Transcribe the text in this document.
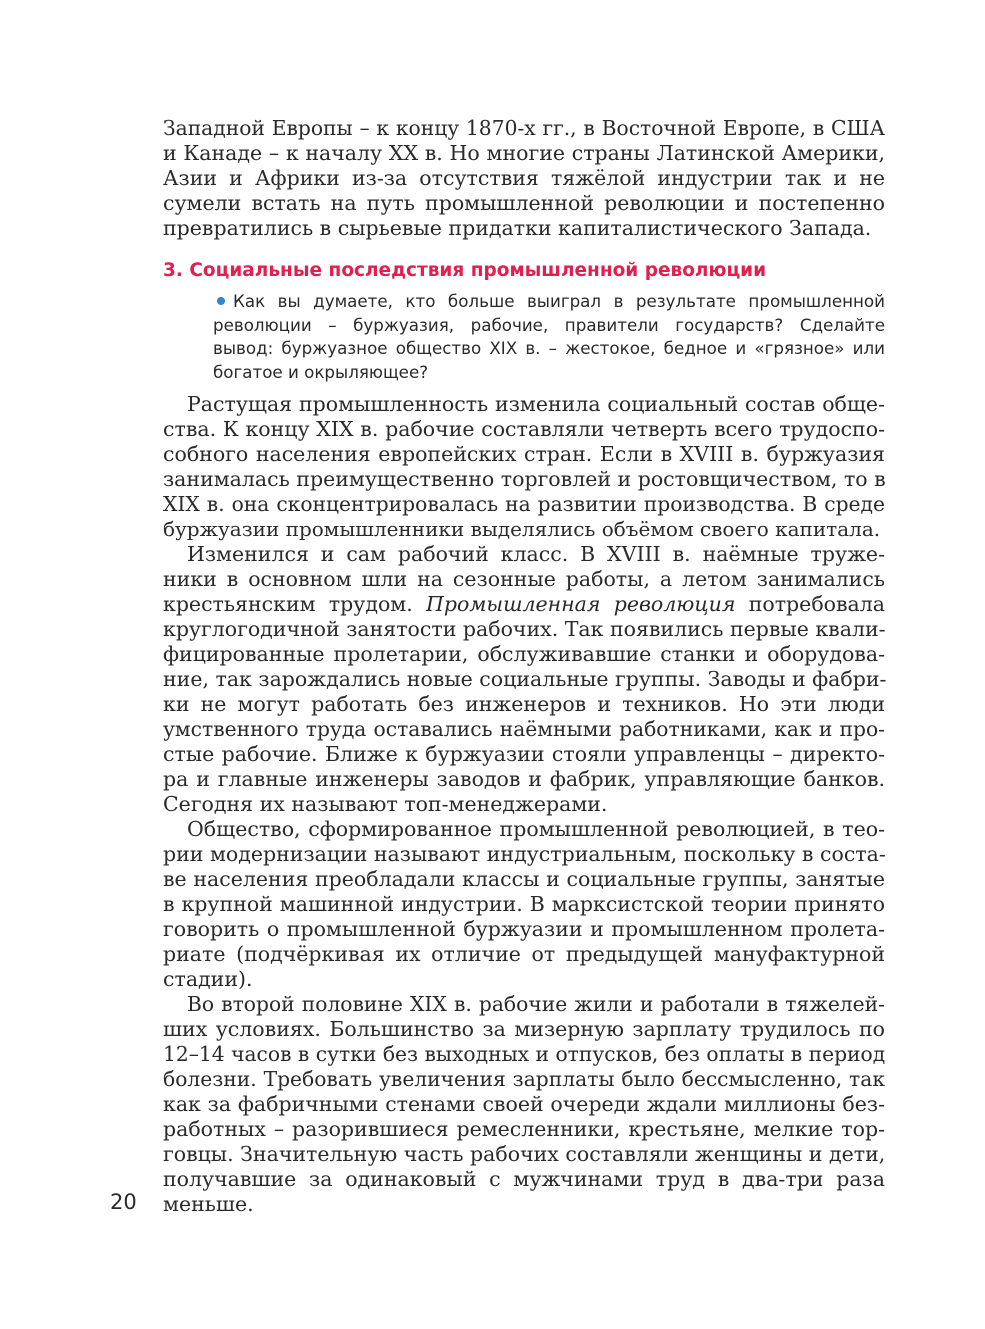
Западной Европы – к концу 1870-х гг., в Восточной Европе, в США
и Канаде – к началу XX в. Но многие страны Латинской Америки,
Азии и Африки из-за отсутствия тяжёлой индустрии так и не
сумели встать на путь промышленной революции и постепенно
превратились в сырьевые придатки капиталистического Запада.
3. Социальные последствия промышленной революции
Как вы думаете, кто больше выиграл в результате промышленной
революции – буржуазия, рабочие, правители государств? Сделайте
вывод: буржуазное общество XIX в. – жестокое, бедное и «грязное» или
богатое и окрыляющее?
Растущая промышленность изменила социальный состав обще-
ства. К концу XIX в. рабочие составляли четверть всего трудоспо-
собного населения европейских стран. Если в XVIII в. буржуазия
занималась преимущественно торговлей и ростовщичеством, то в
XIX в. она сконцентрировалась на развитии производства. В среде
буржуазии промышленники выделялись объёмом своего капитала.
Изменился и сам рабочий класс. В XVIII в. наёмные труже-
ники в основном шли на сезонные работы, а летом занимались
крестьянским трудом. Промышленная революция потребовала
круглогодичной занятости рабочих. Так появились первые квали-
фицированные пролетарии, обслуживавшие станки и оборудова-
ние, так зарождались новые социальные группы. Заводы и фабри-
ки не могут работать без инженеров и техников. Но эти люди
умственного труда оставались наёмными работниками, как и про-
стые рабочие. Ближе к буржуазии стояли управленцы – директо-
ра и главные инженеры заводов и фабрик, управляющие банков.
Сегодня их называют топ-менеджерами.
Общество, сформированное промышленной революцией, в тео-
рии модернизации называют индустриальным, поскольку в соста-
ве населения преобладали классы и социальные группы, занятые
в крупной машинной индустрии. В марксистской теории принято
говорить о промышленной буржуазии и промышленном пролета-
риате (подчёркивая их отличие от предыдущей мануфактурной
стадии).
Во второй половине XIX в. рабочие жили и работали в тяжелей-
ших условиях. Большинство за мизерную зарплату трудилось по
12–14 часов в сутки без выходных и отпусков, без оплаты в период
болезни. Требовать увеличения зарплаты было бессмысленно, так
как за фабричными стенами своей очереди ждали миллионы без-
работных – разорившиеся ремесленники, крестьяне, мелкие тор-
говцы. Значительную часть рабочих составляли женщины и дети,
получавшие за одинаковый с мужчинами труд в два-три раза
меньше.
20
